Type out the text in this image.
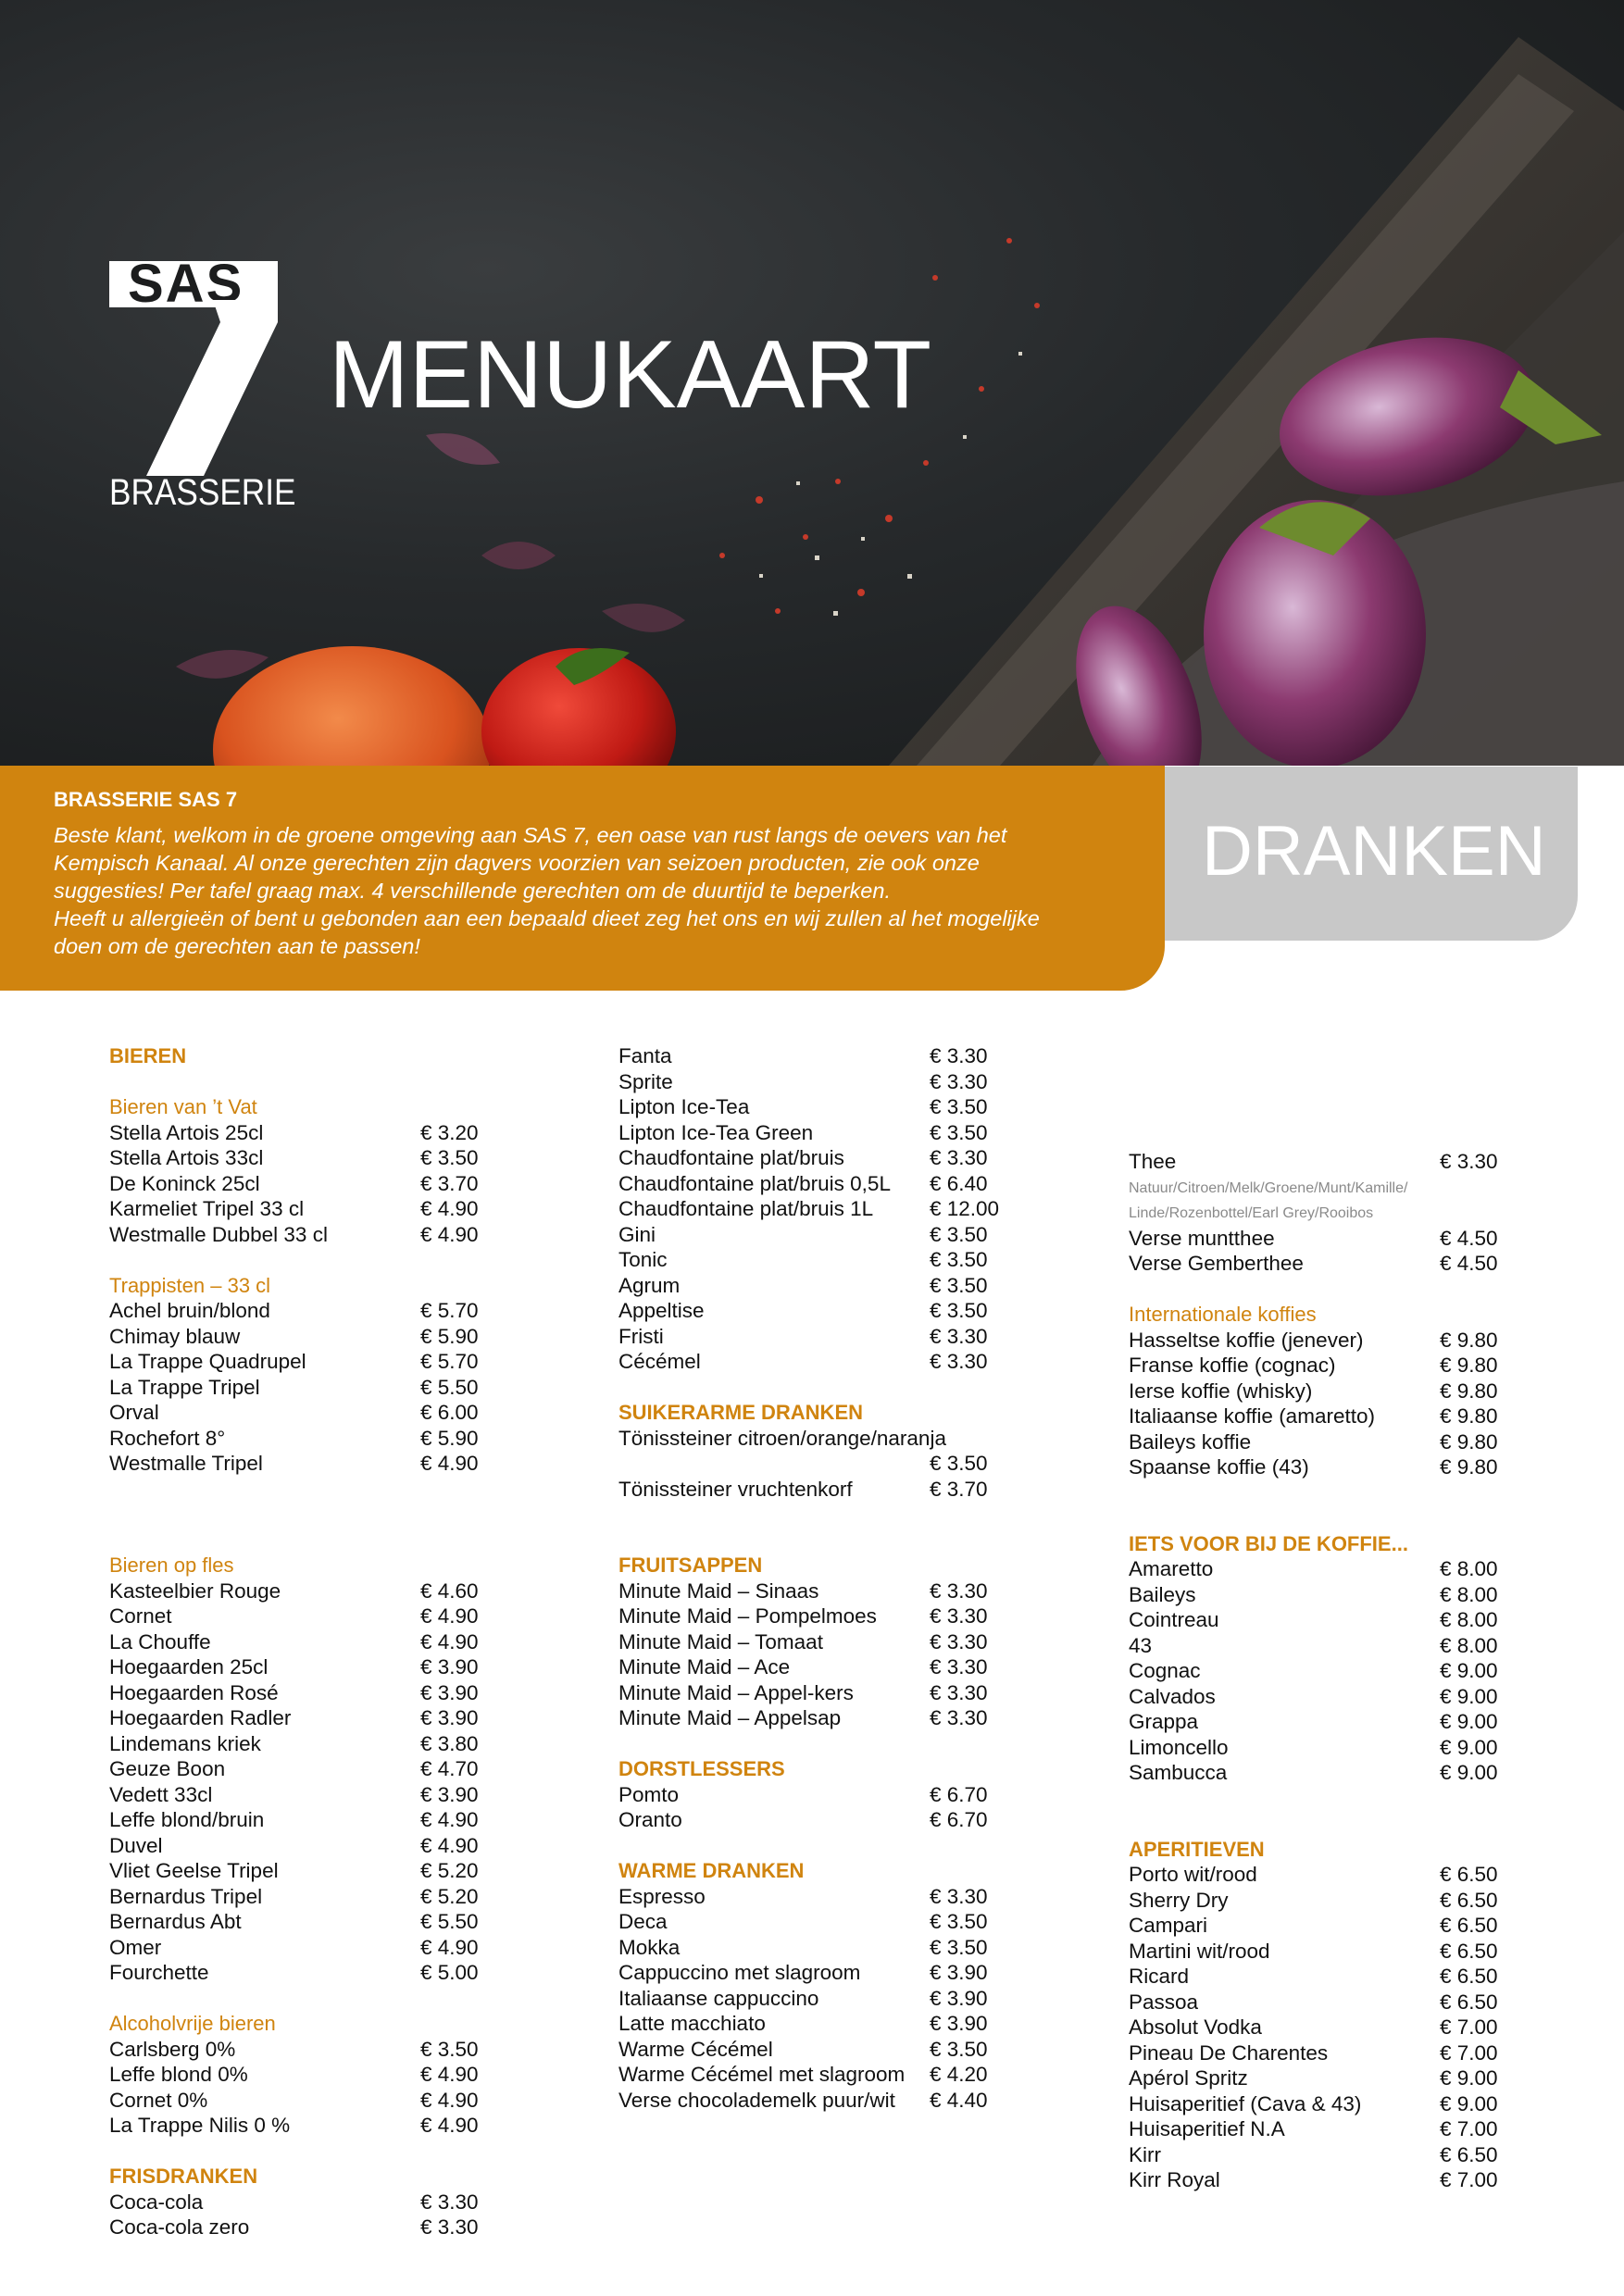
SAS
BRASSERIE
MENUKAART
DRANKEN
BRASSERIE SAS 7
Beste klant, welkom in de groene omgeving aan SAS 7, een oase van rust langs de oevers van het
Kempisch Kanaal. Al onze gerechten zijn dagvers voorzien van seizoen producten, zie ook onze
suggesties! Per tafel graag max. 4 verschillende gerechten om de duurtijd te beperken.
Heeft u allergieën of bent u gebonden aan een bepaald dieet zeg het ons en wij zullen al het mogelijke
doen om de gerechten aan te passen!
BIEREN
Bieren van ’t Vat
Stella Artois 25cl	€ 3.20
Stella Artois 33cl	€ 3.50
De Koninck 25cl	€ 3.70
Karmeliet Tripel 33 cl	€ 4.90
Westmalle Dubbel 33 cl	€ 4.90
Trappisten – 33 cl
Achel bruin/blond	€ 5.70
Chimay blauw	€ 5.90
La Trappe Quadrupel	€ 5.70
La Trappe Tripel	€ 5.50
Orval	€ 6.00
Rochefort 8°	€ 5.90
Westmalle Tripel	€ 4.90
Bieren op fles
Kasteelbier Rouge	€ 4.60
Cornet	€ 4.90
La Chouffe	€ 4.90
Hoegaarden 25cl	€ 3.90
Hoegaarden Rosé	€ 3.90
Hoegaarden Radler	€ 3.90
Lindemans kriek	€ 3.80
Geuze Boon	€ 4.70
Vedett 33cl	€ 3.90
Leffe blond/bruin	€ 4.90
Duvel	€ 4.90
Vliet Geelse Tripel	€ 5.20
Bernardus Tripel	€ 5.20
Bernardus Abt	€ 5.50
Omer	€ 4.90
Fourchette	€ 5.00
Alcoholvrije bieren
Carlsberg 0%	€ 3.50
Leffe blond 0%	€ 4.90
Cornet 0%	€ 4.90
La Trappe Nilis 0 %	€ 4.90
FRISDRANKEN
Coca-cola	€ 3.30
Coca-cola zero	€ 3.30
Fanta	€ 3.30
Sprite	€ 3.30
Lipton Ice-Tea	€ 3.50
Lipton Ice-Tea Green	€ 3.50
Chaudfontaine plat/bruis	€ 3.30
Chaudfontaine plat/bruis 0,5L € 6.40
Chaudfontaine plat/bruis 1L	€ 12.00
Gini	€ 3.50
Tonic	€ 3.50
Agrum	€ 3.50
Appeltise	€ 3.50
Fristi	€ 3.30
Cécémel	€ 3.30
SUIKERARME DRANKEN
Tönissteiner citroen/orange/naranja
€ 3.50
Tönissteiner vruchtenkorf	€ 3.70
FRUITSAPPEN
Minute Maid – Sinaas	€ 3.30
Minute Maid – Pompelmoes	€ 3.30
Minute Maid – Tomaat	€ 3.30
Minute Maid – Ace	€ 3.30
Minute Maid – Appel-kers	€ 3.30
Minute Maid – Appelsap	€ 3.30
DORSTLESSERS
Pomto	€ 6.70
Oranto	€ 6.70
WARME DRANKEN
Espresso	€ 3.30
Deca	€ 3.50
Mokka	€ 3.50
Cappuccino met slagroom	€ 3.90
Italiaanse cappuccino	€ 3.90
Latte macchiato	€ 3.90
Warme Cécémel	€ 3.50
Warme Cécémel met slagroom € 4.20
Verse chocolademelk puur/wit € 4.40
Thee	€ 3.30
Natuur/Citroen/Melk/Groene/Munt/Kamille/
Linde/Rozenbottel/Earl Grey/Rooibos
Verse muntthee	€ 4.50
Verse Gemberthee	€ 4.50
Internationale koffies
Hasseltse koffie (jenever)	€ 9.80
Franse koffie (cognac)	€ 9.80
Ierse koffie (whisky)	€ 9.80
Italiaanse koffie (amaretto)	€ 9.80
Baileys koffie	€ 9.80
Spaanse koffie (43)	€ 9.80
IETS VOOR BIJ DE KOFFIE...
Amaretto	€ 8.00
Baileys	€ 8.00
Cointreau	€ 8.00
43	€ 8.00
Cognac	€ 9.00
Calvados	€ 9.00
Grappa	€ 9.00
Limoncello	€ 9.00
Sambucca	€ 9.00
APERITIEVEN
Porto wit/rood	€ 6.50
Sherry Dry	€ 6.50
Campari	€ 6.50
Martini wit/rood	€ 6.50
Ricard	€ 6.50
Passoa	€ 6.50
Absolut Vodka	€ 7.00
Pineau De Charentes	€ 7.00
Apérol Spritz	€ 9.00
Huisaperitief (Cava & 43)	€ 9.00
Huisaperitief N.A	€ 7.00
Kirr	€ 6.50
Kirr Royal	€ 7.00
